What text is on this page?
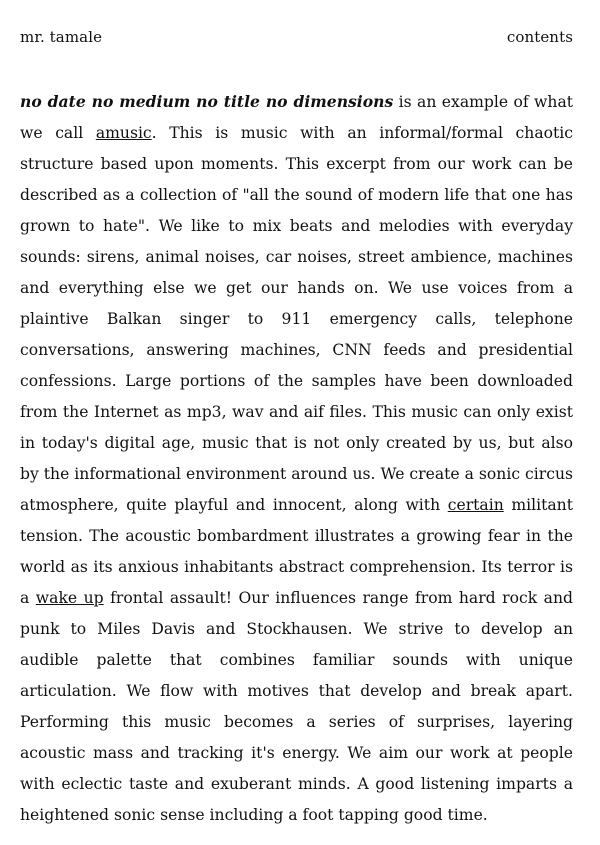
mr. tamale	contents
no date no medium no title no dimensions is an example of what we call amusic. This is music with an informal/formal chaotic structure based upon moments. This excerpt from our work can be described as a collection of "all the sound of modern life that one has grown to hate". We like to mix beats and melodies with everyday sounds: sirens, animal noises, car noises, street ambience, machines and everything else we get our hands on. We use voices from a plaintive Balkan singer to 911 emergency calls, telephone conversations, answering machines, CNN feeds and presidential confessions. Large portions of the samples have been downloaded from the Internet as mp3, wav and aif files. This music can only exist in today's digital age, music that is not only created by us, but also by the informational environment around us. We create a sonic circus atmosphere, quite playful and innocent, along with certain militant tension. The acoustic bombardment illustrates a growing fear in the world as its anxious inhabitants abstract comprehension. Its terror is a wake up frontal assault! Our influences range from hard rock and punk to Miles Davis and Stockhausen. We strive to develop an audible palette that combines familiar sounds with unique articulation. We flow with motives that develop and break apart. Performing this music becomes a series of surprises, layering acoustic mass and tracking it's energy. We aim our work at people with eclectic taste and exuberant minds. A good listening imparts a heightened sonic sense including a foot tapping good time.
